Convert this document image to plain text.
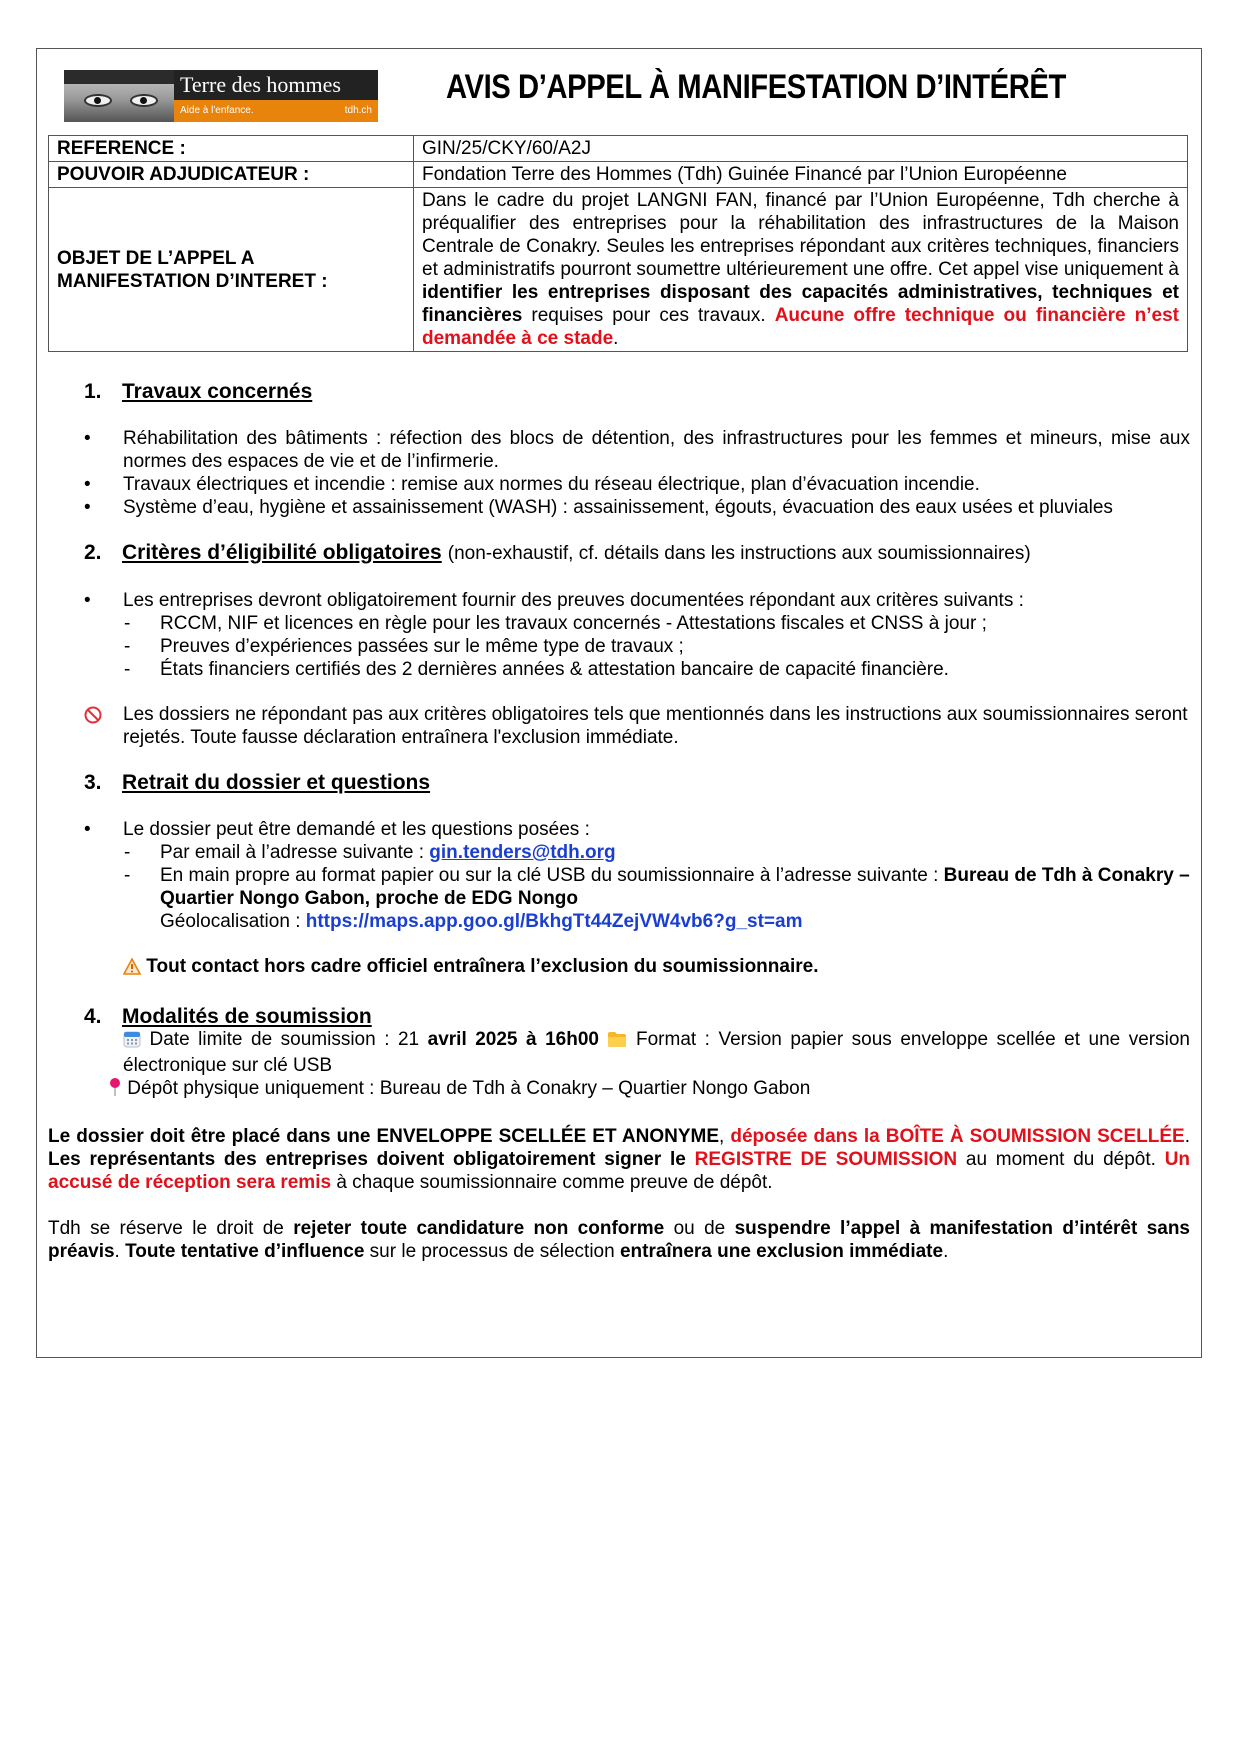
Terre des hommes
Aide à l'enfance.	tdh.ch
AVIS D’APPEL À MANIFESTATION D’INTÉRÊT
REFERENCE :	GIN/25/CKY/60/A2J
POUVOIR ADJUDICATEUR :	Fondation Terre des Hommes (Tdh) Guinée Financé par l’Union Européenne
OBJET DE L’APPEL A MANIFESTATION D’INTERET :	Dans le cadre du projet LANGNI FAN, financé par l’Union Européenne, Tdh cherche à préqualifier des entreprises pour la réhabilitation des infrastructures de la Maison Centrale de Conakry. Seules les entreprises répondant aux critères techniques, financiers et administratifs pourront soumettre ultérieurement une offre. Cet appel vise uniquement à identifier les entreprises disposant des capacités administratives, techniques et financières requises pour ces travaux. Aucune offre technique ou financière n’est demandée à ce stade.
1. Travaux concernés
• Réhabilitation des bâtiments : réfection des blocs de détention, des infrastructures pour les femmes et mineurs, mise aux normes des espaces de vie et de l’infirmerie.
• Travaux électriques et incendie : remise aux normes du réseau électrique, plan d’évacuation incendie.
• Système d’eau, hygiène et assainissement (WASH) : assainissement, égouts, évacuation des eaux usées et pluviales
2. Critères d’éligibilité obligatoires (non-exhaustif, cf. détails dans les instructions aux soumissionnaires)
• Les entreprises devront obligatoirement fournir des preuves documentées répondant aux critères suivants :
- RCCM, NIF et licences en règle pour les travaux concernés - Attestations fiscales et CNSS à jour ;
- Preuves d’expériences passées sur le même type de travaux ;
- États financiers certifiés des 2 dernières années & attestation bancaire de capacité financière.
Les dossiers ne répondant pas aux critères obligatoires tels que mentionnés dans les instructions aux soumissionnaires seront rejetés. Toute fausse déclaration entraînera l'exclusion immédiate.
3. Retrait du dossier et questions
• Le dossier peut être demandé et les questions posées :
- Par email à l’adresse suivante : gin.tenders@tdh.org
- En main propre au format papier ou sur la clé USB du soumissionnaire à l’adresse suivante : Bureau de Tdh à Conakry – Quartier Nongo Gabon, proche de EDG Nongo
Géolocalisation : https://maps.app.goo.gl/BkhgTt44ZejVW4vb6?g_st=am
Tout contact hors cadre officiel entraînera l’exclusion du soumissionnaire.
4. Modalités de soumission
Date limite de soumission : 21 avril 2025 à 16h00  Format : Version papier sous enveloppe scellée et une version électronique sur clé USB
Dépôt physique uniquement : Bureau de Tdh à Conakry – Quartier Nongo Gabon

Le dossier doit être placé dans une ENVELOPPE SCELLÉE ET ANONYME, déposée dans la BOÎTE À SOUMISSION SCELLÉE. Les représentants des entreprises doivent obligatoirement signer le REGISTRE DE SOUMISSION au moment du dépôt. Un accusé de réception sera remis à chaque soumissionnaire comme preuve de dépôt.

Tdh se réserve le droit de rejeter toute candidature non conforme ou de suspendre l’appel à manifestation d’intérêt sans préavis. Toute tentative d’influence sur le processus de sélection entraînera une exclusion immédiate.
